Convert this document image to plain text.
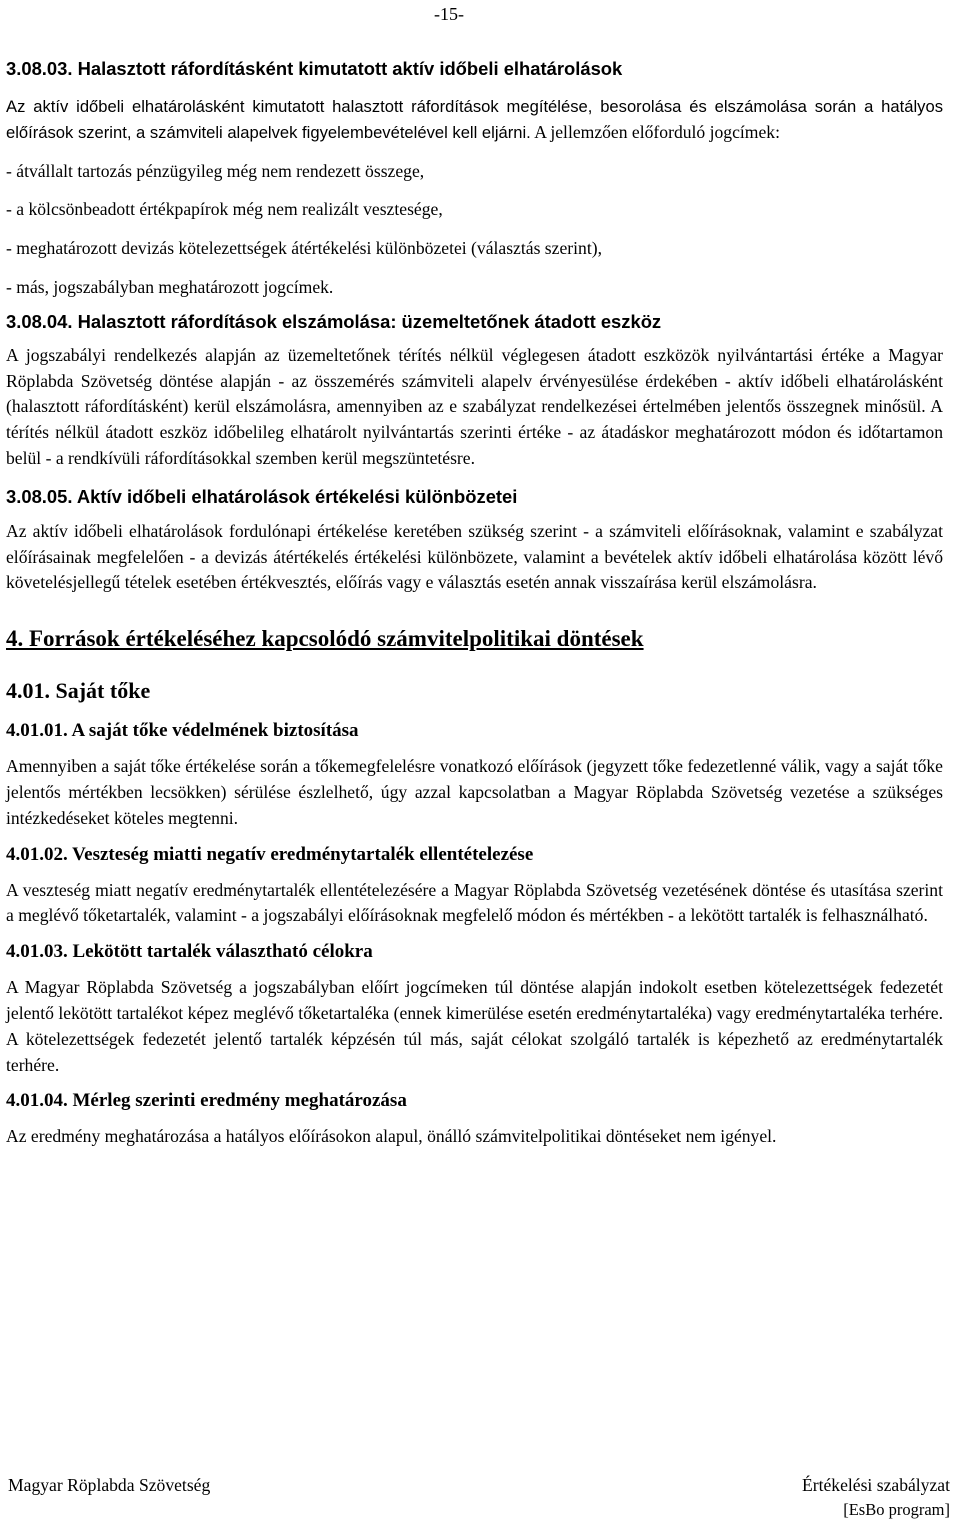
-15-
3.08.03. Halasztott ráfordításként kimutatott aktív időbeli elhatárolások
Az aktív időbeli elhatárolásként kimutatott halasztott ráfordítások megítélése, besorolása és elszámolása során a hatályos előírások szerint, a számviteli alapelvek figyelembevételével kell eljárni. A jellemzően előforduló jogcímek:
- átvállalt tartozás pénzügyileg még nem rendezett összege,
- a kölcsönbeadott értékpapírok még nem realizált vesztesége,
- meghatározott devizás kötelezettségek átértékelési különbözetei (választás szerint),
- más, jogszabályban meghatározott jogcímek.
3.08.04. Halasztott ráfordítások elszámolása: üzemeltetőnek átadott eszköz
A jogszabályi rendelkezés alapján az üzemeltetőnek térítés nélkül véglegesen átadott eszközök nyilvántartási értéke a Magyar Röplabda Szövetség döntése alapján - az összemérés számviteli alapelv érvényesülése érdekében - aktív időbeli elhatárolásként (halasztott ráfordításként) kerül elszámolásra, amennyiben az e szabályzat rendelkezései értelmében jelentős összegnek minősül. A térítés nélkül átadott eszköz időbelileg elhatárolt nyilvántartás szerinti értéke - az átadáskor meghatározott módon és időtartamon belül - a rendkívüli ráfordításokkal szemben kerül megszüntetésre.
3.08.05. Aktív időbeli elhatárolások értékelési különbözetei
Az aktív időbeli elhatárolások fordulónapi értékelése keretében szükség szerint - a számviteli előírásoknak, valamint e szabályzat előírásainak megfelelően - a devizás átértékelés értékelési különbözete, valamint a bevételek aktív időbeli elhatárolása között lévő követelésjellegű tételek esetében értékvesztés, előírás vagy e választás esetén annak visszaírása kerül elszámolásra.
4. Források értékeléséhez kapcsolódó számvitelpolitikai döntések
4.01. Saját tőke
4.01.01. A saját tőke védelmének biztosítása
Amennyiben a saját tőke értékelése során a tőkemegfelelésre vonatkozó előírások (jegyzett tőke fedezetlenné válik, vagy a saját tőke jelentős mértékben lecsökken) sérülése észlelhető, úgy azzal kapcsolatban a Magyar Röplabda Szövetség vezetése a szükséges intézkedéseket köteles megtenni.
4.01.02. Veszteség miatti negatív eredménytartalék ellentételezése
A veszteség miatt negatív eredménytartalék ellentételezésére a Magyar Röplabda Szövetség vezetésének döntése és utasítása szerint a meglévő tőketartalék, valamint - a jogszabályi előírásoknak megfelelő módon és mértékben - a lekötött tartalék is felhasználható.
4.01.03. Lekötött tartalék választható célokra
A Magyar Röplabda Szövetség a jogszabályban előírt jogcímeken túl döntése alapján indokolt esetben kötelezettségek fedezetét jelentő lekötött tartalékot képez meglévő tőketartaléka (ennek kimerülése esetén eredménytartaléka) vagy eredménytartaléka terhére. A kötelezettségek fedezetét jelentő tartalék képzésén túl más, saját célokat szolgáló tartalék is képezhető az eredménytartalék terhére.
4.01.04. Mérleg szerinti eredmény meghatározása
Az eredmény meghatározása a hatályos előírásokon alapul, önálló számvitelpolitikai döntéseket nem igényel.
Magyar Röplabda Szövetség	Értékelési szabályzat
[EsBo program]
